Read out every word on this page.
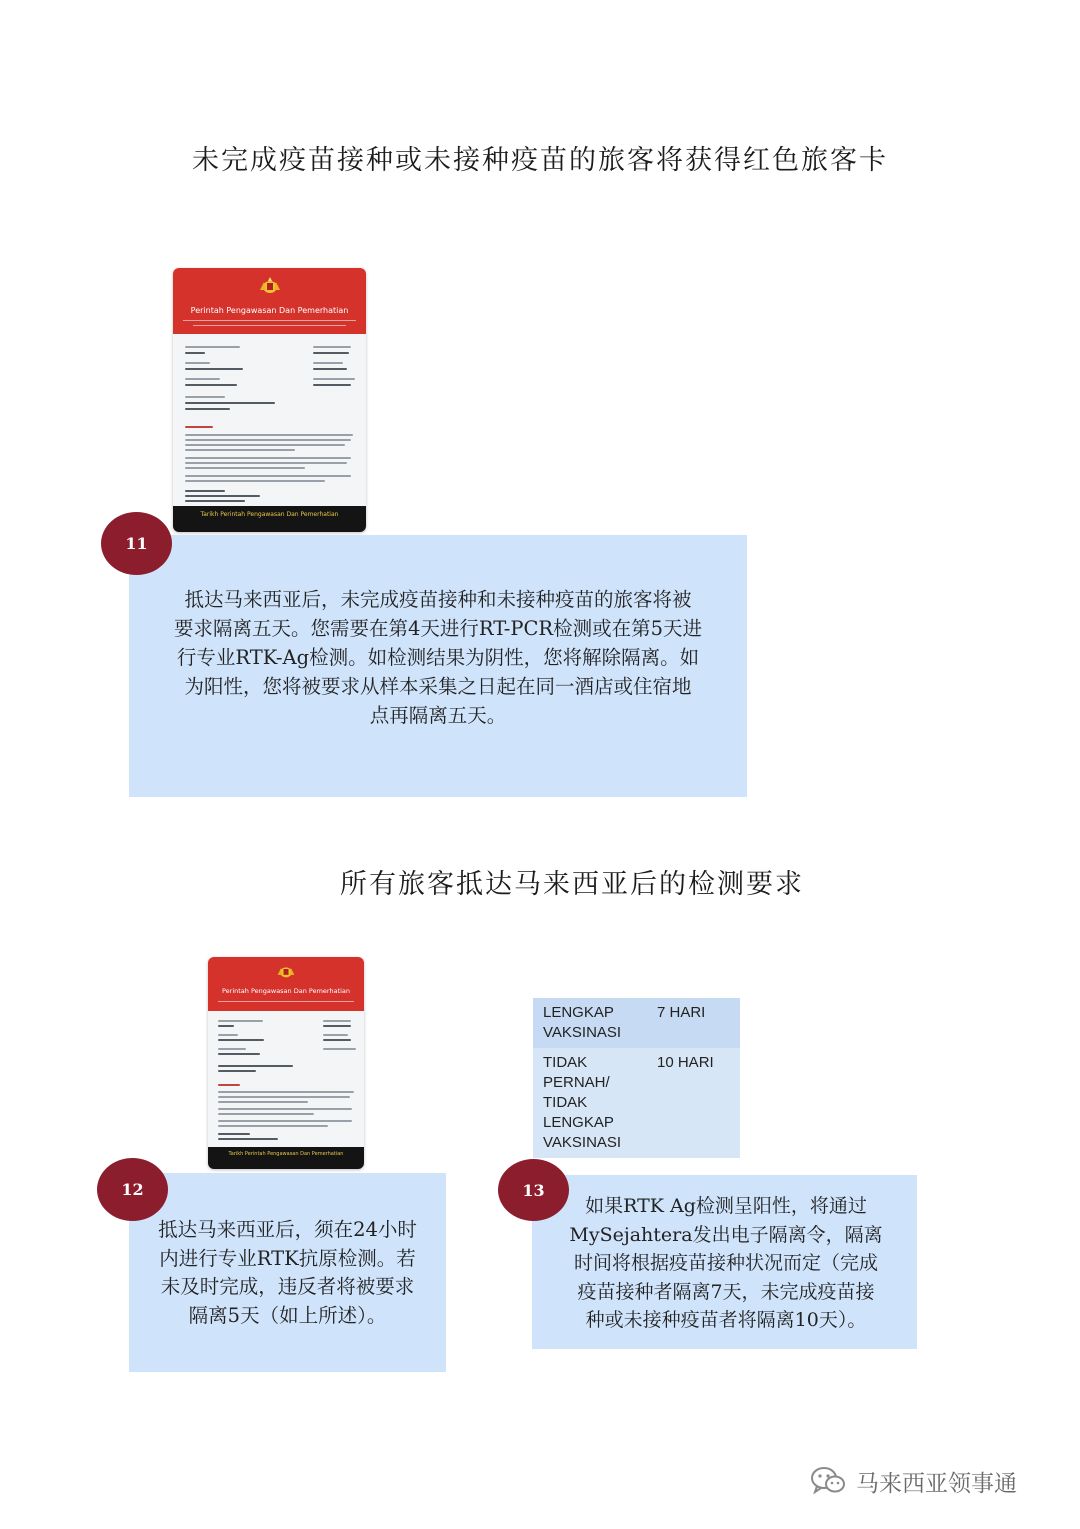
未完成疫苗接种或未接种疫苗的旅客将获得红色旅客卡
Perintah Pengawasan Dan Pemerhatian
Tarikh Perintah Pengawasan Dan Pemerhatian
11
抵达马来西亚后，未完成疫苗接种和未接种疫苗的旅客将被
要求隔离五天。您需要在第4天进行RT-PCR检测或在第5天进
行专业RTK-Ag检测。如检测结果为阴性，您将解除隔离。如
为阳性，您将被要求从样本采集之日起在同一酒店或住宿地
点再隔离五天。
所有旅客抵达马来西亚后的检测要求
Perintah Pengawasan Dan Pemerhatian
Tarikh Perintah Pengawasan Dan Pemerhatian
LENGKAP
VAKSINASI	7 HARI

TIDAK
PERNAH/
TIDAK
LENGKAP
VAKSINASI	10 HARI
12
抵达马来西亚后，须在24小时
内进行专业RTK抗原检测。若
未及时完成，违反者将被要求
隔离5天（如上所述）。
13
如果RTK Ag检测呈阳性，将通过
MySejahtera发出电子隔离令，隔离
时间将根据疫苗接种状况而定（完成
疫苗接种者隔离7天，未完成疫苗接
种或未接种疫苗者将隔离10天）。
马来西亚领事通
